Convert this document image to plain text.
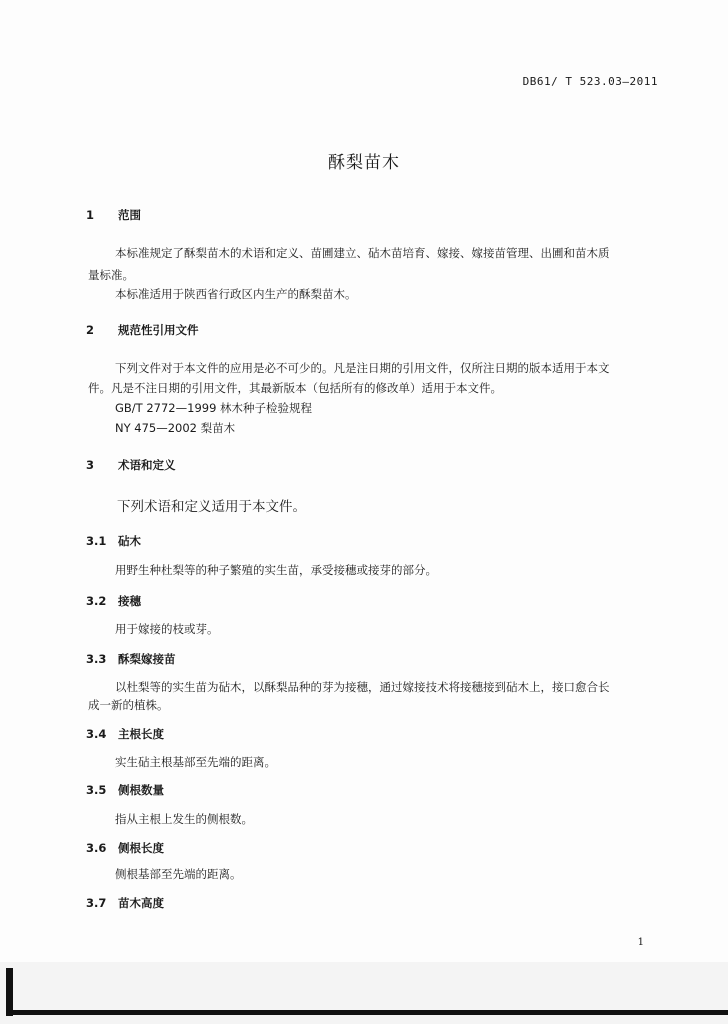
DB61/ T 523.03—2011
酥梨苗木
1 范围
本标准规定了酥梨苗木的术语和定义、苗圃建立、砧木苗培育、嫁接、嫁接苗管理、出圃和苗木质
量标准。
本标准适用于陕西省行政区内生产的酥梨苗木。
2 规范性引用文件
下列文件对于本文件的应用是必不可少的。凡是注日期的引用文件，仅所注日期的版本适用于本文
件。凡是不注日期的引用文件，其最新版本（包括所有的修改单）适用于本文件。
GB/T 2772—1999 林木种子检验规程
NY 475—2002 梨苗木
3 术语和定义
下列术语和定义适用于本文件。
3.1 砧木
用野生种杜梨等的种子繁殖的实生苗，承受接穗或接芽的部分。
3.2 接穗
用于嫁接的枝或芽。
3.3 酥梨嫁接苗
以杜梨等的实生苗为砧木，以酥梨品种的芽为接穗，通过嫁接技术将接穗接到砧木上，接口愈合长
成一新的植株。
3.4 主根长度
实生砧主根基部至先端的距离。
3.5 侧根数量
指从主根上发生的侧根数。
3.6 侧根长度
侧根基部至先端的距离。
3.7 苗木高度
1
